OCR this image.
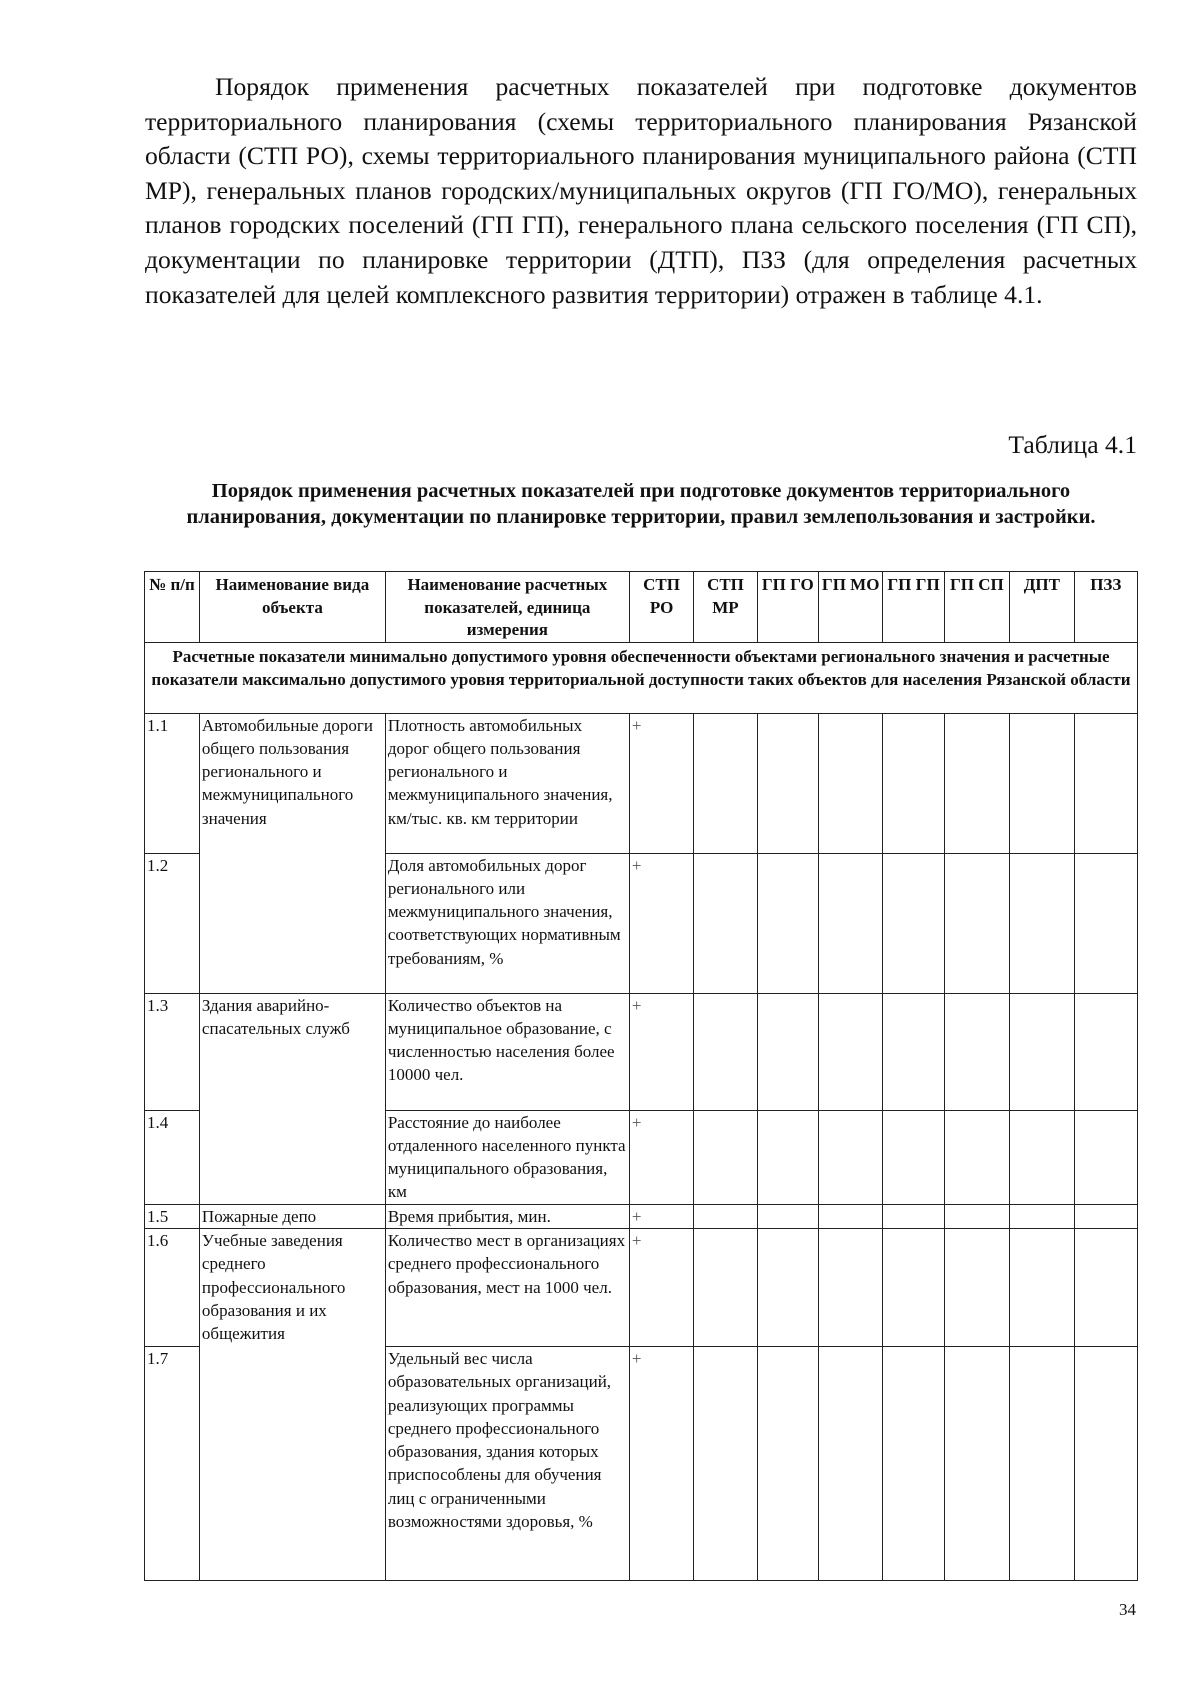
Порядок применения расчетных показателей при подготовке документов территориального планирования (схемы территориального планирования Рязанской области (СТП РО), схемы территориального планирования муниципального района (СТП МР), генеральных планов городских/муниципальных округов (ГП ГО/МО), генеральных планов городских поселений (ГП ГП), генерального плана сельского поселения (ГП СП), документации по планировке территории (ДТП), ПЗЗ (для определения расчетных показателей для целей комплексного развития территории) отражен в таблице 4.1.

Таблица 4.1

Порядок применения расчетных показателей при подготовке документов территориального планирования, документации по планировке территории, правил землепользования и застройки.

№ п/п	Наименование вида объекта	Наименование расчетных показателей, единица измерения	СТП РО	СТП МР	ГП ГО	ГП МО	ГП ГП	ГП СП	ДПТ	ПЗЗ
Расчетные показатели минимально допустимого уровня обеспеченности объектами регионального значения и расчетные показатели максимально допустимого уровня территориальной доступности таких объектов для населения Рязанской области										
1.1	Автомобильные дороги общего пользования регионального и межмуниципального значения	Плотность автомобильных дорог общего пользования регионального и межмуниципального значения, км/тыс. кв. км территории	+							
1.2		Доля автомобильных дорог регионального или межмуниципального значения, соответствующих нормативным требованиям, %	+							
1.3	Здания аварийно-спасательных служб	Количество объектов на муниципальное образование, с численностью населения более 10000 чел.	+							
1.4		Расстояние до наиболее отдаленного населенного пункта муниципального образования, км	+							
1.5	Пожарные депо	Время прибытия, мин.	+							
1.6	Учебные заведения среднего профессионального образования и их общежития	Количество мест в организациях среднего профессионального образования, мест на 1000 чел.	+							
1.7		Удельный вес числа образовательных организаций, реализующих программы среднего профессионального образования, здания которых приспособлены для обучения лиц с ограниченными возможностями здоровья, %	+							

34
